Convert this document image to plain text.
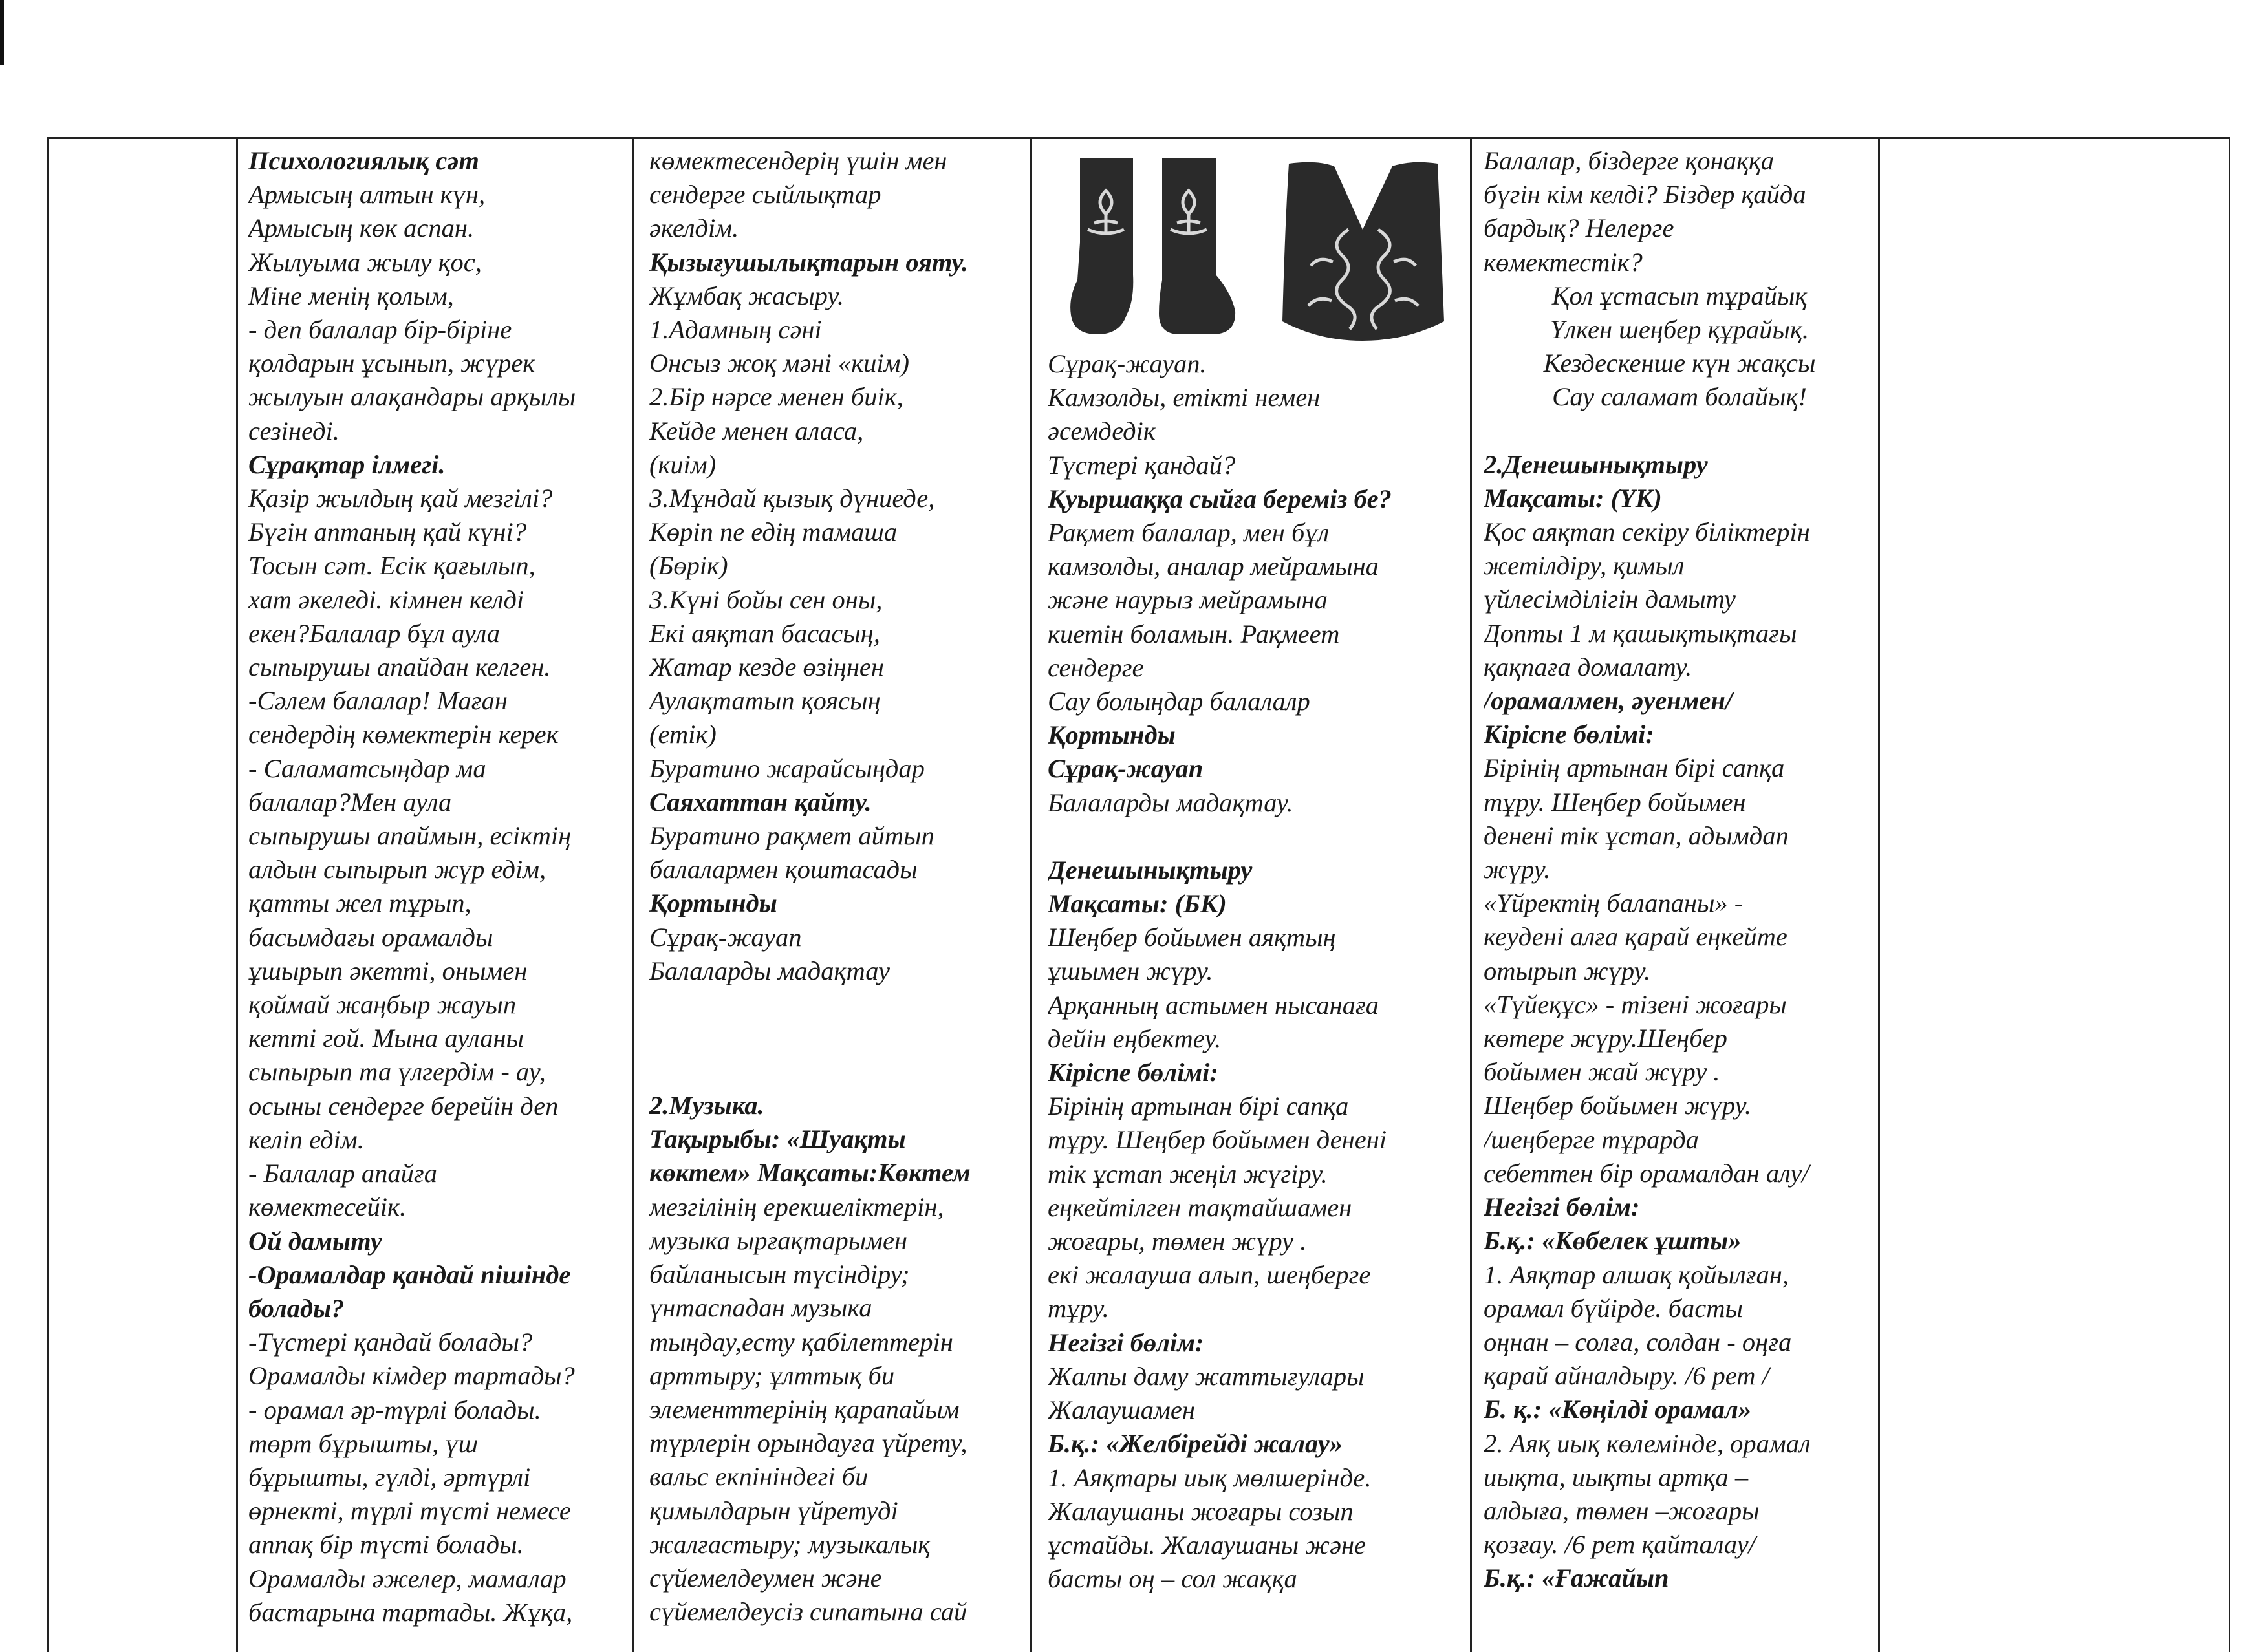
Психологиялық сәт

Армысың алтын күн,

Армысың көк аспан.

Жылуыма жылу қос,

Міне менің қолым,

- деп балалар бір-біріне

қолдарын ұсынып, жүрек

жылуын алақандары арқылы

сезінеді.

Сұрақтар ілмегі.

Қазір жылдың қай мезгілі?

Бүгін аптаның қай күні?

Тосын сәт. Есік қағылып,

хат әкеледі. кімнен келді

екен?Балалар бұл аула

сыпырушы апайдан келген.

-Сәлем балалар! Маған

сендердің көмектерін керек

- Саламатсыңдар ма

балалар?Мен аула

сыпырушы апаймын, есіктің

алдын сыпырып жүр едім,

қатты жел тұрып,

басымдағы орамалды

ұшырып әкетті, онымен

қоймай жаңбыр жауып

кетті гой. Мына ауланы

сыпырып та үлгердім - ау,

осыны сендерге берейін деп

келіп едім.

- Балалар апайға

көмектесейік.

Ой дамыту

-Орамалдар қандай пішінде

болады?

-Түстері қандай болады?

Орамалды кімдер тартады?

- орамал әр-түрлі болады.

төрт бұрышты, үш

бұрышты, гүлді, әртүрлі

өрнекті, түрлі түсті немесе

аппақ бір түсті болады.

Орамалды әжелер, мамалар

бастарына тартады. Жұқа,

көмектесендерің үшін мен

сендерге сыйлықтар

әкелдім.

Қызығушылықтарын ояту.

Жұмбақ жасыру.

1.Адамның сәні

Онсыз жоқ мәні «киім)

2.Бір нәрсе менен биік,

Кейде менен аласа,

(киім)

3.Мұндай қызық дүниеде,

Көріп пе едің тамаша

(Бөрік)

3.Күні бойы сен оны,

Екі аяқтап басасың,

Жатар кезде өзіңнен

Аулақтатып қоясың

(етік)

Буратино жарайсыңдар

Саяхаттан қайту.

Буратино рақмет айтып

балалармен қоштасады

Қортынды

Сұрақ-жауап

Балаларды мадақтау

2.Музыка.

Тақырыбы: «Шуақты

көктем» Мақсаты:Көктем

мезгілінің ерекшеліктерін,

музыка ырғақтарымен

байланысын түсіндіру;

үнтаспадан музыка

тыңдау,есту қабілеттерін

арттыру; ұлттық би

элементтерінің қарапайым

түрлерін орындауға үйрету,

вальс екпініндегі би

қимылдарын үйретуді

жалғастыру; музыкалық

сүйемелдеумен және

сүйемелдеусіз сипатына сай

Сұрақ-жауап.

Камзолды, етікті немен

әсемдедік

Түстері қандай?

Қуыршаққа сыйға береміз бе?

Рақмет балалар, мен бұл

камзолды, аналар мейрамына

және наурыз мейрамына

киетін боламын. Рақмеет

сендерге

Сау болыңдар балалалр

Қортынды

Сұрақ-жауап

Балаларды мадақтау.

Денешынықтыру

Мақсаты: (БК)

Шеңбер бойымен аяқтың

ұшымен жүру.

Арқанның астымен нысанаға

дейін еңбектеу.

Кіріспе бөлімі:

Бірінің артынан бірі сапқа

тұру. Шеңбер бойымен денені

тік ұстап жеңіл жүгіру.

еңкейтілген тақтайшамен

жоғары, төмен жүру .

екі жалауша алып, шеңберге

тұру.

Негізгі бөлім:

Жалпы даму жаттығулары

Жалаушамен

Б.қ.: «Желбірейді жалау»

1. Аяқтары иық мөлшерінде.

Жалаушаны жоғары созып

ұстайды. Жалаушаны және

басты оң – сол жаққа

Балалар, біздерге қонаққа

бүгін кім келді? Біздер қайда

бардық? Нелерге

көмектестік?

Қол ұстасып тұрайық

Үлкен шеңбер құрайық.

Кездескенше күн жақсы

Сау саламат болайық!

2.Денешынықтыру

Мақсаты: (ҮК)

Қос аяқтап секіру біліктерін

жетілдіру, қимыл

үйлесімділігін дамыту

Допты 1 м қашықтықтағы

қақпаға домалату.

/орамалмен, әуенмен/

Кіріспе бөлімі:

Бірінің артынан бірі сапқа

тұру. Шеңбер бойымен

денені тік ұстап, адымдап

жүру.

«Үйректің балапаны» -

кеудені алға қарай еңкейте

отырып жүру.

«Түйеқұс» - тізені жоғары

көтере жүру.Шеңбер

бойымен жай жүру .

Шеңбер бойымен жүру.

/шеңберге тұрарда

себеттен бір орамалдан алу/

Негізгі бөлім:

Б.қ.: «Көбелек ұшты»

1. Аяқтар алшақ қойылған,

орамал бүйірде. басты

оңнан – солға, солдан - оңға

қарай айналдыру. /6 рет /

Б. қ.: «Көңілді орамал»

2. Аяқ иық көлемінде, орамал

иықта, иықты артқа –

алдыға, төмен –жоғары

қозғау. /6 рет қайталау/

Б.қ.: «Ғажайып
